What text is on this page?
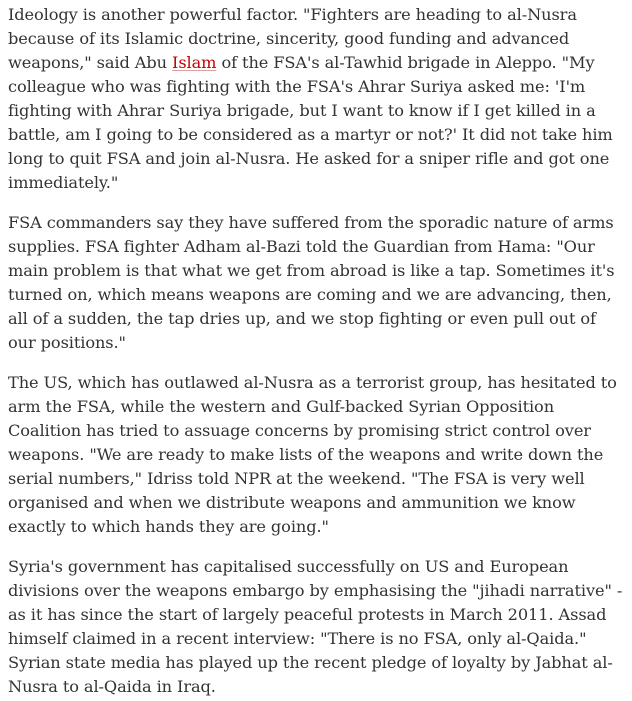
Ideology is another powerful factor. "Fighters are heading to al-Nusra because of its Islamic doctrine, sincerity, good funding and advanced weapons," said Abu Islam of the FSA's al-Tawhid brigade in Aleppo. "My colleague who was fighting with the FSA's Ahrar Suriya asked me: 'I'm fighting with Ahrar Suriya brigade, but I want to know if I get killed in a battle, am I going to be considered as a martyr or not?' It did not take him long to quit FSA and join al-Nusra. He asked for a sniper rifle and got one immediately."

FSA commanders say they have suffered from the sporadic nature of arms supplies. FSA fighter Adham al-Bazi told the Guardian from Hama: "Our main problem is that what we get from abroad is like a tap. Sometimes it's turned on, which means weapons are coming and we are advancing, then, all of a sudden, the tap dries up, and we stop fighting or even pull out of our positions."

The US, which has outlawed al-Nusra as a terrorist group, has hesitated to arm the FSA, while the western and Gulf-backed Syrian Opposition Coalition has tried to assuage concerns by promising strict control over weapons. "We are ready to make lists of the weapons and write down the serial numbers," Idriss told NPR at the weekend. "The FSA is very well organised and when we distribute weapons and ammunition we know exactly to which hands they are going."

Syria's government has capitalised successfully on US and European divisions over the weapons embargo by emphasising the "jihadi narrative" - as it has since the start of largely peaceful protests in March 2011. Assad himself claimed in a recent interview: "There is no FSA, only al-Qaida." Syrian state media has played up the recent pledge of loyalty by Jabhat al-Nusra to al-Qaida in Iraq.
